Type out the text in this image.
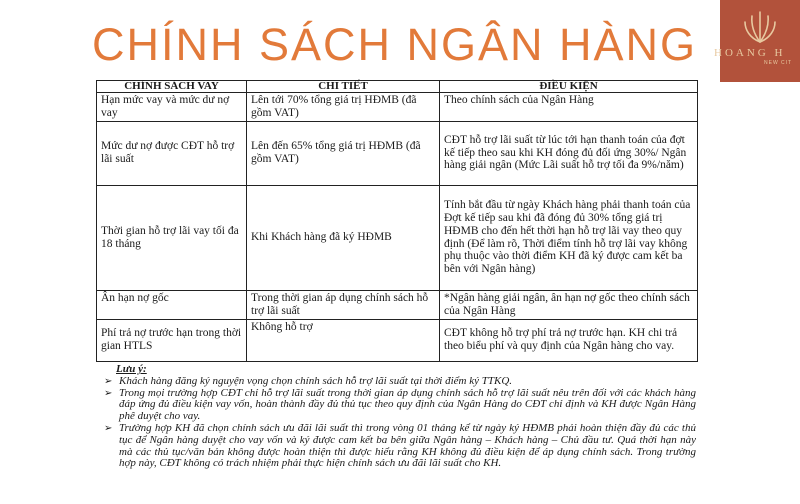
CHÍNH SÁCH NGÂN HÀNG HOANG H
NEW CIT
CHÍNH SÁCH VAY	CHI TIẾT	ĐIỀU KIỆN
Hạn mức vay và mức dư nợ vay	Lên tới 70% tổng giá trị HĐMB (đã gồm VAT)	Theo chính sách của Ngân Hàng
Mức dư nợ được CĐT hỗ trợ lãi suất	Lên đến 65% tổng giá trị HĐMB (đã gồm VAT)	CĐT hỗ trợ lãi suất từ lúc tới hạn thanh toán của đợt kế tiếp theo sau khi KH đóng đủ đối ứng 30%/ Ngân hàng giải ngân (Mức Lãi suất hỗ trợ tối đa 9%/năm)
Thời gian hỗ trợ lãi vay tối đa 18 tháng	Khi Khách hàng đã ký HĐMB	Tính bắt đầu từ ngày Khách hàng phải thanh toán của Đợt kế tiếp sau khi đã đóng đủ 30% tổng giá trị HĐMB cho đến hết thời hạn hỗ trợ lãi vay theo quy định (Để làm rõ, Thời điểm tính hỗ trợ lãi vay không phụ thuộc vào thời điểm KH đã ký được cam kết ba bên với Ngân hàng)
Ân hạn nợ gốc	Trong thời gian áp dụng chính sách hỗ trợ lãi suất	*Ngân hàng giải ngân, ân hạn nợ gốc theo chính sách của Ngân Hàng
Phí trả nợ trước hạn trong thời gian HTLS	Không hỗ trợ	CĐT không hỗ trợ phí trả nợ trước hạn. KH chi trả theo biểu phí và quy định của Ngân hàng cho vay.
Lưu ý:
➢ Khách hàng đăng ký nguyện vọng chọn chính sách hỗ trợ lãi suất tại thời điểm ký TTKQ.
➢ Trong mọi trường hợp CĐT chỉ hỗ trợ lãi suất trong thời gian áp dụng chính sách hỗ trợ lãi suất nêu trên đối với các khách hàng đáp ứng đủ điều kiện vay vốn, hoàn thành đầy đủ thủ tục theo quy định của Ngân Hàng do CĐT chỉ định và KH được Ngân Hàng phê duyệt cho vay.
➢ Trường hợp KH đã chọn chính sách ưu đãi lãi suất thì trong vòng 01 tháng kể từ ngày ký HĐMB phải hoàn thiện đầy đủ các thủ tục để Ngân hàng duyệt cho vay vốn và ký được cam kết ba bên giữa Ngân hàng – Khách hàng – Chủ đầu tư. Quá thời hạn này mà các thủ tục/văn bản không được hoàn thiện thì được hiểu rằng KH không đủ điều kiện để áp dụng chính sách. Trong trường hợp này, CĐT không có trách nhiệm phải thực hiện chính sách ưu đãi lãi suất cho KH.
